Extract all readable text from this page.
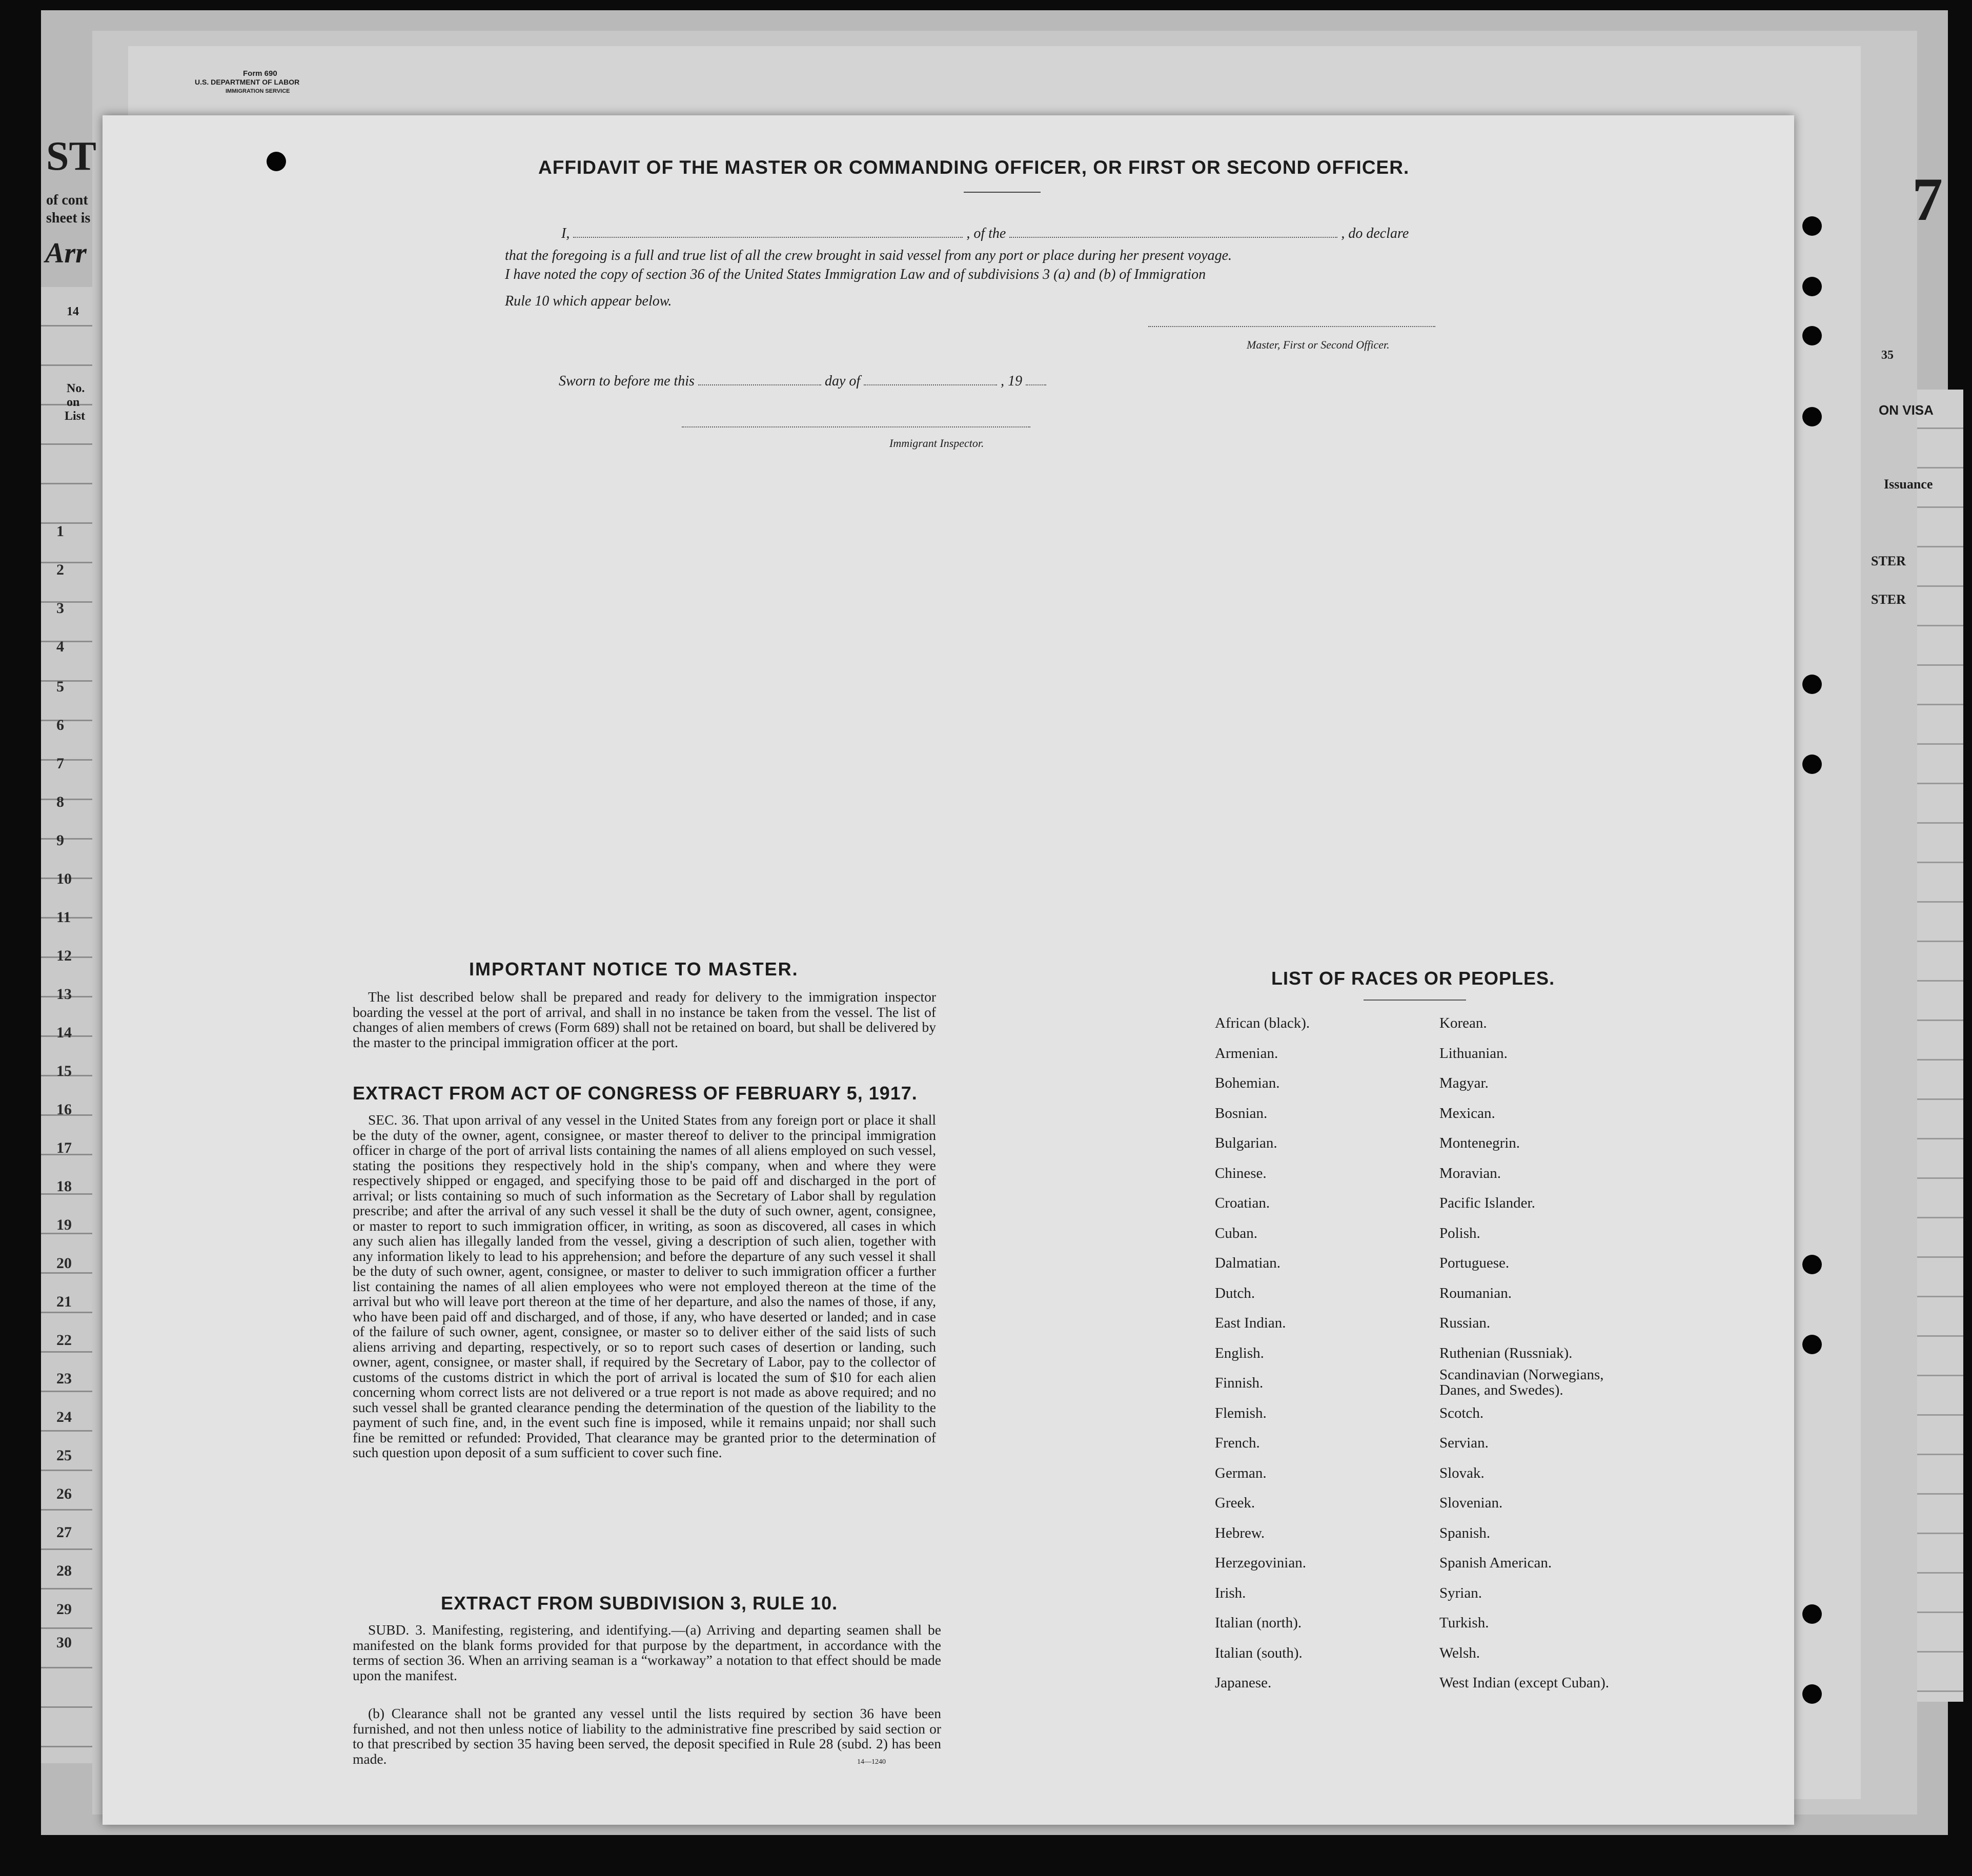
Form 690
U.S. DEPARTMENT OF LABOR
IMMIGRATION SERVICE
ST
of cont
sheet is
Arr
14
No.
on
List
1
2
3
4
5
6
7
8
9
10
11
12
13
14
15
16
17
18
19
20
21
22
23
24
25
26
27
28
29
30
35
ON VISA
Issuance
STER
STER
7
AFFIDAVIT OF THE MASTER OR COMMANDING OFFICER, OR FIRST OR SECOND OFFICER.
I,	, of the	, do declare
that the foregoing is a full and true list of all the crew brought in said vessel from any port or place during her present voyage.
I have noted the copy of section 36 of the United States Immigration Law and of subdivisions 3 (a) and (b) of Immigration
Rule 10 which appear below.
Master, First or Second Officer.
Sworn to before me this	day of	, 19
Immigrant Inspector.
IMPORTANT NOTICE TO MASTER.
The list described below shall be prepared and ready for delivery to the immigration inspector boarding the vessel at the port of arrival, and shall in no instance be taken from the vessel. The list of changes of alien members of crews (Form 689) shall not be retained on board, but shall be delivered by the master to the principal immigration officer at the port.
EXTRACT FROM ACT OF CONGRESS OF FEBRUARY 5, 1917.
SEC. 36. That upon arrival of any vessel in the United States from any foreign port or place it shall be the duty of the owner, agent, consignee, or master thereof to deliver to the principal immigration officer in charge of the port of arrival lists containing the names of all aliens employed on such vessel, stating the positions they respectively hold in the ship's company, when and where they were respectively shipped or engaged, and specifying those to be paid off and discharged in the port of arrival; or lists containing so much of such information as the Secretary of Labor shall by regulation prescribe; and after the arrival of any such vessel it shall be the duty of such owner, agent, consignee, or master to report to such immigration officer, in writing, as soon as discovered, all cases in which any such alien has illegally landed from the vessel, giving a description of such alien, together with any information likely to lead to his apprehension; and before the departure of any such vessel it shall be the duty of such owner, agent, consignee, or master to deliver to such immigration officer a further list containing the names of all alien employees who were not employed thereon at the time of the arrival but who will leave port thereon at the time of her departure, and also the names of those, if any, who have been paid off and discharged, and of those, if any, who have deserted or landed; and in case of the failure of such owner, agent, consignee, or master so to deliver either of the said lists of such aliens arriving and departing, respectively, or so to report such cases of desertion or landing, such owner, agent, consignee, or master shall, if required by the Secretary of Labor, pay to the collector of customs of the customs district in which the port of arrival is located the sum of $10 for each alien concerning whom correct lists are not delivered or a true report is not made as above required; and no such vessel shall be granted clearance pending the determination of the question of the liability to the payment of such fine, and, in the event such fine is imposed, while it remains unpaid; nor shall such fine be remitted or refunded: Provided, That clearance may be granted prior to the determination of such question upon deposit of a sum sufficient to cover such fine.
EXTRACT FROM SUBDIVISION 3, RULE 10.
SUBD. 3. Manifesting, registering, and identifying.—(a) Arriving and departing seamen shall be manifested on the blank forms provided for that purpose by the department, in accordance with the terms of section 36. When an arriving seaman is a “workaway” a notation to that effect should be made upon the manifest.
(b) Clearance shall not be granted any vessel until the lists required by section 36 have been furnished, and not then unless notice of liability to the administrative fine prescribed by said section or to that prescribed by section 35 having been served, the deposit specified in Rule 28 (subd. 2) has been made.	14—1240
LIST OF RACES OR PEOPLES.
African (black).
Armenian.
Bohemian.
Bosnian.
Bulgarian.
Chinese.
Croatian.
Cuban.
Dalmatian.
Dutch.
East Indian.
English.
Finnish.
Flemish.
French.
German.
Greek.
Hebrew.
Herzegovinian.
Irish.
Italian (north).
Italian (south).
Japanese.
Korean.
Lithuanian.
Magyar.
Mexican.
Montenegrin.
Moravian.
Pacific Islander.
Polish.
Portuguese.
Roumanian.
Russian.
Ruthenian (Russniak).
Scandinavian (Norwegians, Danes, and Swedes).
Scotch.
Servian.
Slovak.
Slovenian.
Spanish.
Spanish American.
Syrian.
Turkish.
Welsh.
West Indian (except Cuban).
